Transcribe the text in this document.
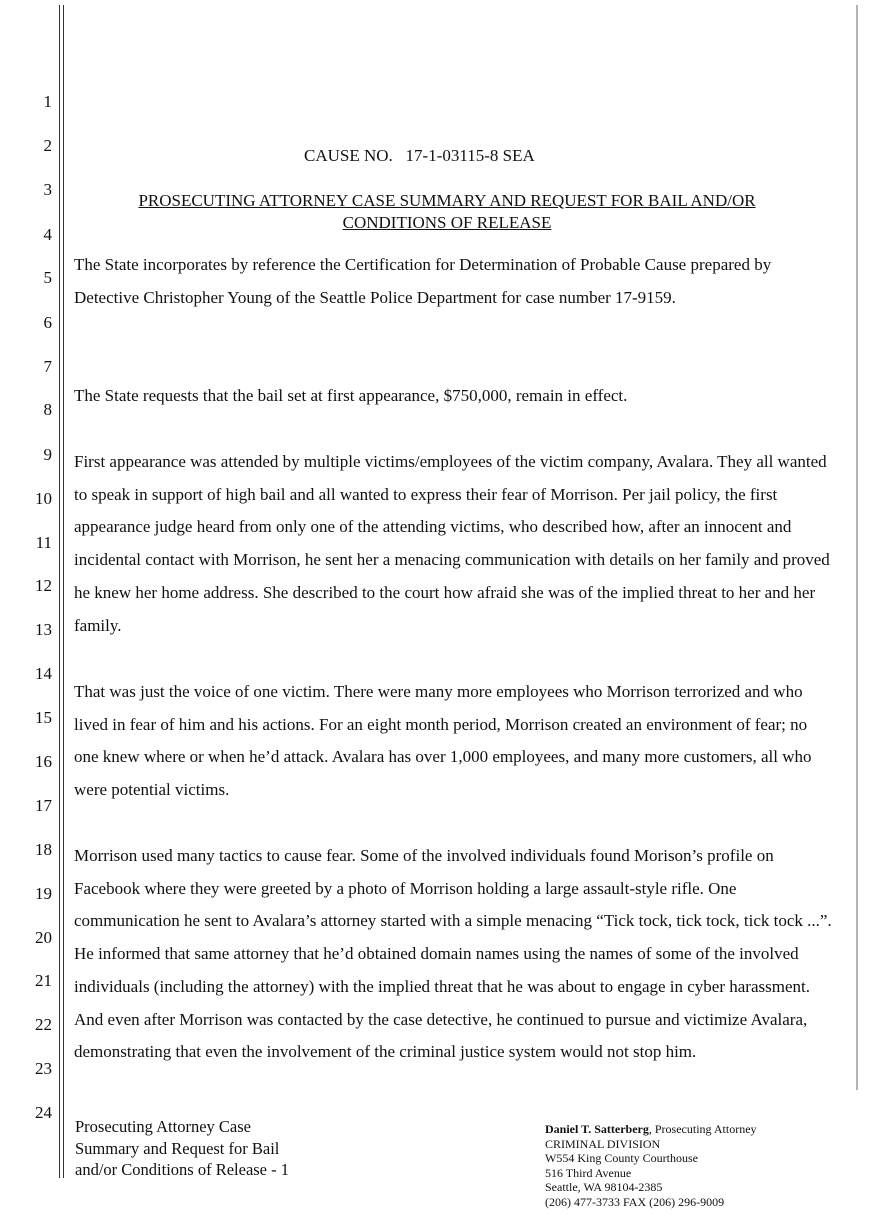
1
2
3
4
5
6
7
8
9
10
11
12
13
14
15
16
17
18
19
20
21
22
23
24
CAUSE NO.   17-1-03115-8 SEA
PROSECUTING ATTORNEY CASE SUMMARY AND REQUEST FOR BAIL AND/OR
CONDITIONS OF RELEASE

The State incorporates by reference the Certification for Determination of Probable Cause prepared by Detective Christopher Young of the Seattle Police Department for case number 17-9159.

The State requests that the bail set at first appearance, $750,000, remain in effect.

First appearance was attended by multiple victims/employees of the victim company, Avalara. They all wanted to speak in support of high bail and all wanted to express their fear of Morrison. Per jail policy, the first appearance judge heard from only one of the attending victims, who described how, after an innocent and incidental contact with Morrison, he sent her a menacing communication with details on her family and proved he knew her home address. She described to the court how afraid she was of the implied threat to her and her family.

That was just the voice of one victim. There were many more employees who Morrison terrorized and who lived in fear of him and his actions. For an eight month period, Morrison created an environment of fear; no one knew where or when he’d attack. Avalara has over 1,000 employees, and many more customers, all who were potential victims.

Morrison used many tactics to cause fear. Some of the involved individuals found Morison’s profile on Facebook where they were greeted by a photo of Morrison holding a large assault-style rifle. One communication he sent to Avalara’s attorney started with a simple menacing “Tick tock, tick tock, tick tock ...”. He informed that same attorney that he’d obtained domain names using the names of some of the involved individuals (including the attorney) with the implied threat that he was about to engage in cyber harassment. And even after Morrison was contacted by the case detective, he continued to pursue and victimize Avalara, demonstrating that even the involvement of the criminal justice system would not stop him.

Prosecuting Attorney Case
Summary and Request for Bail
and/or Conditions of Release - 1
Daniel T. Satterberg, Prosecuting Attorney
CRIMINAL DIVISION
W554 King County Courthouse
516 Third Avenue
Seattle, WA 98104-2385
(206) 477-3733 FAX (206) 296-9009
